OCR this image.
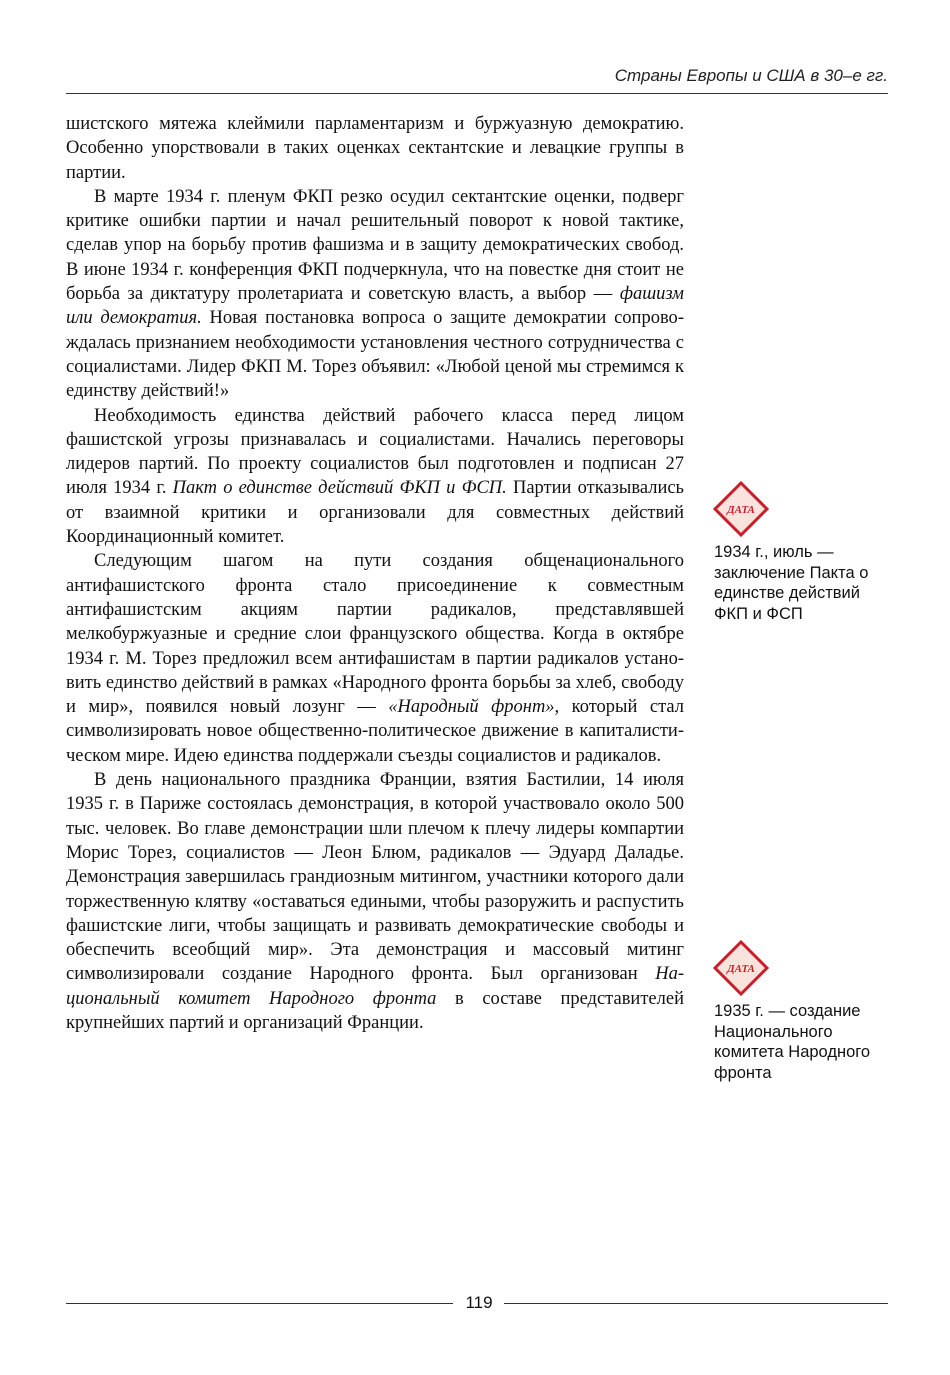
Страны Европы и США в 30–е гг.

шистского мятежа клеймили парламентаризм и буржуазную демократию. Особенно упорствовали в таких оценках сектантские и левацкие группы в партии.

В марте 1934 г. пленум ФКП резко осудил сектантские оценки, подверг критике ошибки партии и начал решительный поворот к новой тактике, сделав упор на борьбу против фашизма и в защиту демократических свобод. В июне 1934 г. конференция ФКП подчеркнула, что на повестке дня стоит не борьба за диктатуру пролетариата и советскую власть, а выбор — фашизм или демократия. Новая постановка вопроса о защите демократии сопровождалась признанием необходимости установления честного сотрудничества с социалистами. Лидер ФКП М. Торез объявил: «Любой ценой мы стремимся к единству действий!»

Необходимость единства действий рабочего класса перед лицом фашистской угрозы признавалась и социалистами. Начались переговоры лидеров партий. По проекту социалистов был подготовлен и подписан 27 июля 1934 г. Пакт о единстве действий ФКП и ФСП. Партии отказывались от взаимной критики и организовали для совместных действий Координационный комитет.

Следующим шагом на пути создания общенационального антифашистского фронта стало присоединение к совместным антифашистским акциям партии радикалов, представлявшей мелкобуржуазные и средние слои французского общества. Когда в октябре 1934 г. М. Торез предложил всем антифашистам в партии радикалов установить единство действий в рамках «Народного фронта борьбы за хлеб, свободу и мир», появился новый лозунг — «Народный фронт», который стал символизировать новое общественно-политическое движение в капиталистическом мире. Идею единства поддержали съезды социалистов и радикалов.

В день национального праздника Франции, взятия Бастилии, 14 июля 1935 г. в Париже состоялась демонстрация, в которой участвовало около 500 тыс. человек. Во главе демонстрации шли плечом к плечу лидеры компартии Морис Торез, социалистов — Леон Блюм, радикалов — Эдуард Даладье. Демонстрация завершилась грандиозным митингом, участники которого дали торжественную клятву «оставаться едиными, чтобы разоружить и распустить фашистские лиги, чтобы защищать и развивать демократические свободы и обеспечить всеобщий мир». Эта демонстрация и массовый митинг символизировали создание Народного фронта. Был организован Национальный комитет Народного фронта в составе представителей крупнейших партий и организаций Франции.

ДАТА
1934 г., июль — заключение Пакта о единстве действий ФКП и ФСП
ДАТА
1935 г. — создание Национального комитета Народного фронта
119
